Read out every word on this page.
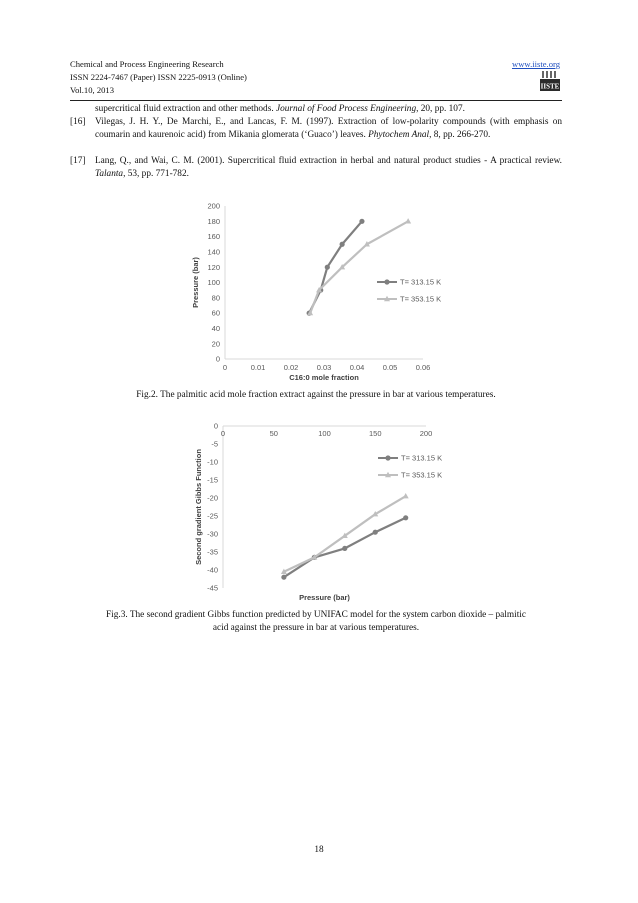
Chemical and Process Engineering Research
ISSN 2224-7467 (Paper) ISSN 2225-0913 (Online)
Vol.10, 2013
www.iiste.org
IISTE
supercritical fluid extraction and other methods. Journal of Food Process Engineering, 20, pp. 107.
[16] Vilegas, J. H. Y., De Marchi, E., and Lancas, F. M. (1997). Extraction of low-polarity compounds (with emphasis on coumarin and kaurenoic acid) from Mikania glomerata (‘Guaco’) leaves. Phytochem Anal, 8, pp. 266-270.
[17] Lang, Q., and Wai, C. M. (2001). Supercritical fluid extraction in herbal and natural product studies - A practical review. Talanta, 53, pp. 771-782.
0
20
40
60
80
100
120
140
160
180
200
0	0.01 0.02 0.03 0.04 0.05 0.06
C16:0 mole fraction
Pressure (bar)	T= 313.15 K
T= 353.15 K
Fig.2. The palmitic acid mole fraction extract against the pressure in bar at various temperatures.
0
-5
-10
-15
-20
-25
-30
-35
-40
-45
0	50	100	150	200
Pressure (bar)
Second gradient Gibbs Function	T= 313.15 K
T= 353.15 K
Fig.3. The second gradient Gibbs function predicted by UNIFAC model for the system carbon dioxide – palmitic
acid against the pressure in bar at various temperatures.
18
